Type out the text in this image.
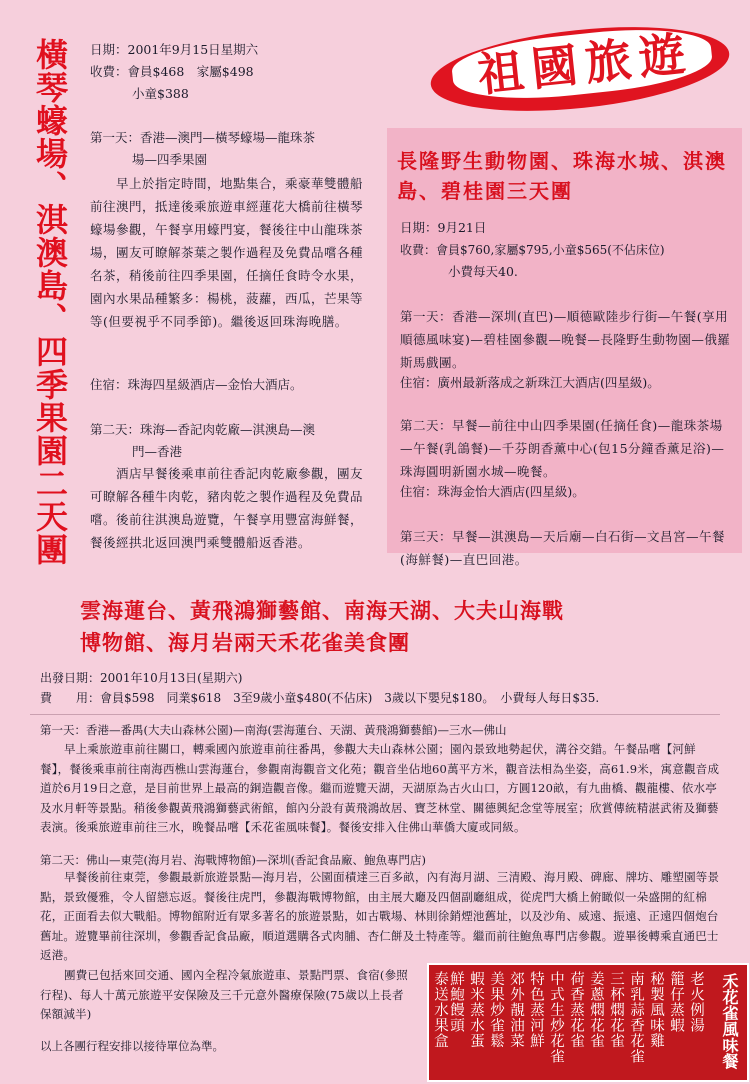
祖國旅遊
橫琴蠔場、淇澳島、四季果園二天團 日期：2001年9月15日星期六
收費：會員$468　家屬$498
小童$388
第一天：香港—澳門—橫琴蠔場—龍珠茶
場—四季果園
早上於指定時間，地點集合，乘豪華雙體船前往澳門，抵達後乘旅遊車經蓮花大橋前往橫琴蠔場參觀，午餐享用蠔門宴，餐後往中山龍珠茶場，團友可瞭解茶葉之製作過程及免費品嚐各種名茶，稍後前往四季果園，任摘任食時令水果，園內水果品種繁多：楊桃，菠蘿，西瓜，芒果等等(但要視乎不同季節)。繼後返回珠海晚膳。
住宿：珠海四星級酒店—金怡大酒店。
第二天：珠海—香記肉乾廠—淇澳島—澳
門—香港
酒店早餐後乘車前往香記肉乾廠參觀，團友可瞭解各種牛肉乾，豬肉乾之製作過程及免費品嚐。後前往淇澳島遊覽，午餐享用豐富海鮮餐，餐後經拱北返回澳門乘雙體船返香港。
長隆野生動物園、珠海水城、淇澳島、碧桂園三天團
日期：9月21日
收費：會員$760,家屬$795,小童$565(不佔床位)
小費每天40.
第一天：香港—深圳(直巴)—順德歐陸步行街—午餐(享用順德風味宴)—碧桂園參觀—晚餐—長隆野生動物園—俄羅斯馬戲團。
住宿：廣州最新落成之新珠江大酒店(四星級)。
第二天：早餐—前往中山四季果園(任摘任食)—龍珠茶場—午餐(乳鴿餐)—千芬朗香薰中心(包15分鐘香薰足浴)—珠海圓明新園水城—晚餐。
住宿：珠海金怡大酒店(四星級)。
第三天：早餐—淇澳島—天后廟—白石街—文昌宮—午餐(海鮮餐)—直巴回港。
雲海蓮台、黃飛鴻獅藝館、南海天湖、大夫山海戰
博物館、海月岩兩天禾花雀美食團
出發日期：2001年10月13日(星期六)
費　　用：會員$598　同業$618　3至9歲小童$480(不佔床)　3歲以下嬰兒$180。　小費每人每日$35.
第一天：香港—番禺(大夫山森林公園)—南海(雲海蓮台、天湖、黃飛鴻獅藝館)—三水—佛山
早上乘旅遊車前往關口，轉乘國內旅遊車前往番禺，參觀大夫山森林公園；園內景致地勢起伏，溝谷交錯。午餐品嚐【河鮮餐】，餐後乘車前往南海西樵山雲海蓮台，參觀南海觀音文化苑；觀音坐佔地60萬平方米，觀音法相為坐姿，高61.9米，寓意觀音成道於6月19日之意，是目前世界上最高的銅造觀音像。繼而遊覽天湖，天湖原為古火山口，方圓120畝，有九曲橋、觀龍樓、依水亭及水月軒等景點。稍後參觀黃飛鴻獅藝武術館，館內分設有黃飛鴻故居、寶芝林堂、關德興紀念堂等展室；欣賞傳統精湛武術及獅藝表演。後乘旅遊車前往三水，晚餐品嚐【禾花雀風味餐】。餐後安排入住佛山華僑大廈或同級。
第二天：佛山—東莞(海月岩、海戰博物館)—深圳(香記食品廠、鮑魚專門店)
早餐後前往東莞，參觀最新旅遊景點—海月岩，公園面積達三百多畝，內有海月湖、三清殿、海月殿、碑廊、牌坊、雕塑園等景點，景致優雅，令人留戀忘返。餐後往虎門，參觀海戰博物館，由主展大廳及四個副廳組成，從虎門大橋上俯瞰似一朵盛開的紅棉花，正面看去似大戰船。博物館附近有眾多著名的旅遊景點，如古戰場、林則徐銷煙池舊址，以及沙角、威遠、振遠、正遠四個炮台舊址。遊覽畢前往深圳，參觀香記食品廠，順道選購各式肉脯、杏仁餅及土特產等。繼而前往鮑魚專門店參觀。遊畢後轉乘直通巴士返港。
團費已包括來回交通、國內全程冷氣旅遊車、景點門票、食宿(參照行程)、每人十萬元旅遊平安保險及三千元意外醫療保險(75歲以上長者保額減半)
以上各團行程安排以接待單位為準。	禾花雀風味餐
老火例湯
籠仔蒸蝦
秘製風味雞
南乳蒜香花雀
三杯燜花雀
姜蔥燜花雀
荷香蒸花雀
中式生炒花雀
特色蒸河鮮
郊外靚油菜
美果炒雀鬆
蝦米蒸水蛋
鮮鮑饅頭
泰送水果盒
